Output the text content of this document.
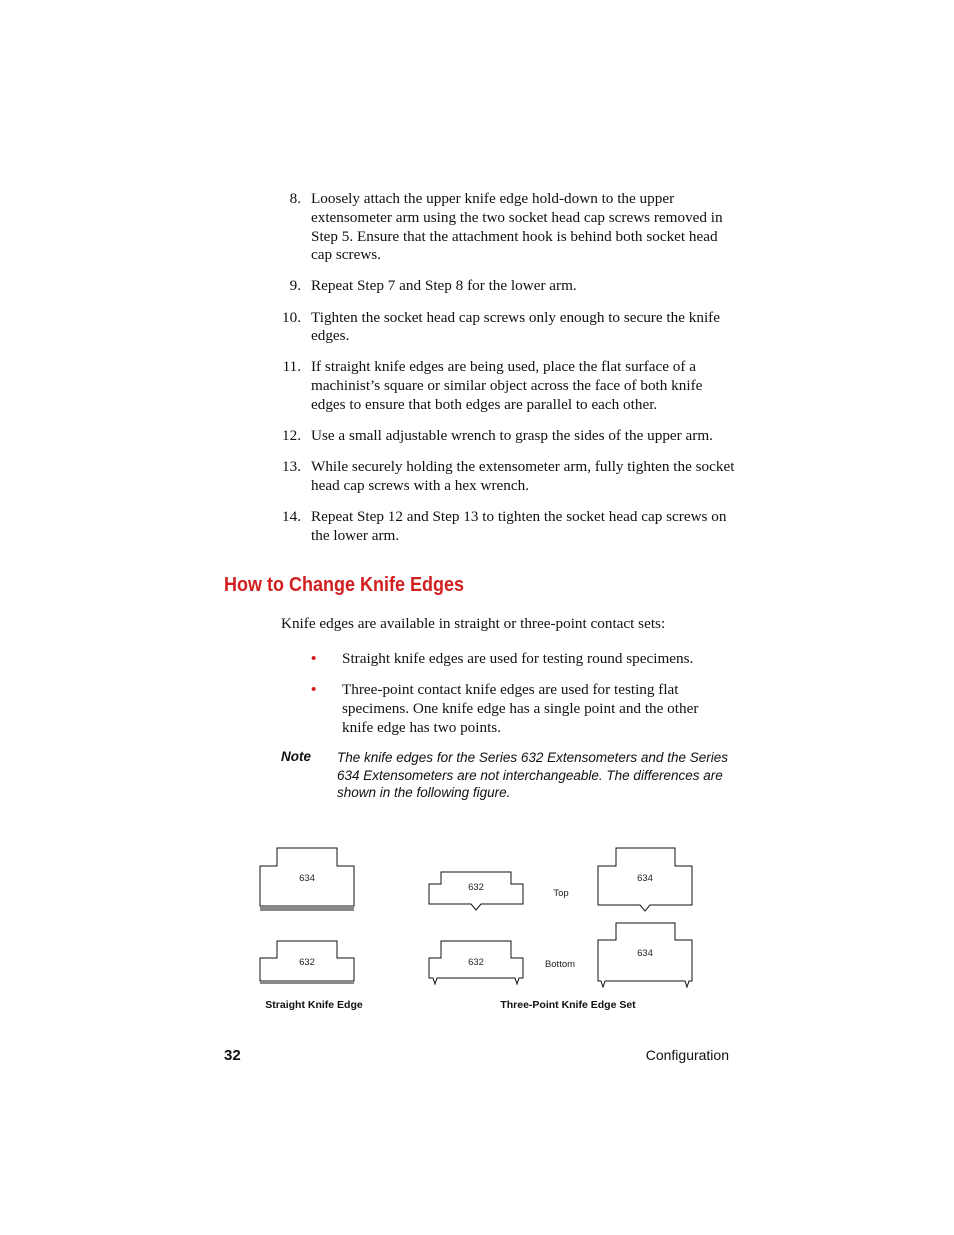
8. Loosely attach the upper knife edge hold-down to the upper extensometer arm using the two socket head cap screws removed in Step 5. Ensure that the attachment hook is behind both socket head cap screws.
9. Repeat Step 7 and Step 8 for the lower arm.
10. Tighten the socket head cap screws only enough to secure the knife edges.
11. If straight knife edges are being used, place the flat surface of a machinist’s square or similar object across the face of both knife edges to ensure that both edges are parallel to each other.
12. Use a small adjustable wrench to grasp the sides of the upper arm.
13. While securely holding the extensometer arm, fully tighten the socket head cap screws with a hex wrench.
14. Repeat Step 12 and Step 13 to tighten the socket head cap screws on the lower arm.
How to Change Knife Edges

Knife edges are available in straight or three-point contact sets:

• Straight knife edges are used for testing round specimens.
• Three-point contact knife edges are used for testing flat specimens. One knife edge has a single point and the other knife edge has two points.
Note The knife edges for the Series 632 Extensometers and the Series 634 Extensometers are not interchangeable. The differences are shown in the following figure.
634
632
632
634
632
634
Top
Bottom
Straight Knife Edge	Three-Point Knife Edge Set
32	Configuration
